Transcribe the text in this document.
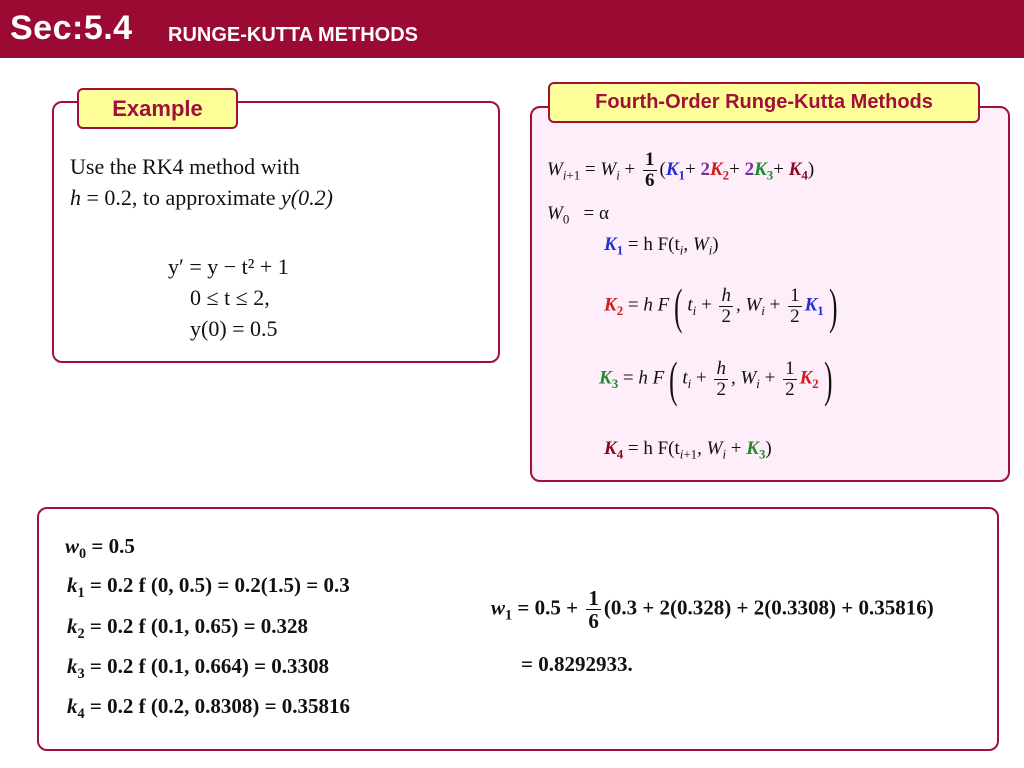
Sec:5.4 RUNGE-KUTTA METHODS
Use the RK4 method with
h = 0.2, to approximate y(0.2)
y′ = y − t² + 1
0 ≤ t ≤ 2,
y(0) = 0.5
Example
$W_{i+1} = W_i + \frac{1}{6} (K_1+ 2K_2+ 2K_3+ K_4)$
$W_0 = \alpha$
$K_1 = h$ $F(t_i$, $W_i$)
$K_2 = h$ F ( $t_i + \frac{h}{2}$ , $W_i + \frac{1}{2} K_1$ )
$K_3 = h$ F ( $t_i + \frac{h}{2}$ , $W_i + \frac{1}{2} K_2$ )
$K_4 = h$ $F(t_{i+1}$, $W_i + K_3$)
Fourth-Order Runge-Kutta Methods
$w_0 = 0.5$
$k_1 = 0.2$ f (0, 0.5) = 0.2(1.5) = 0.3
$k_2 = 0.2$ f (0.1, 0.65) = 0.328
$k_3 = 0.2$ f (0.1, 0.664) = 0.3308
$k_4 = 0.2$ f (0.2, 0.8308) = 0.35816
$w_1 = 0.5 + \frac{1}{6} (0.3 + 2(0.328) + 2(0.3308) + 0.35816)$
= 0.8292933.
